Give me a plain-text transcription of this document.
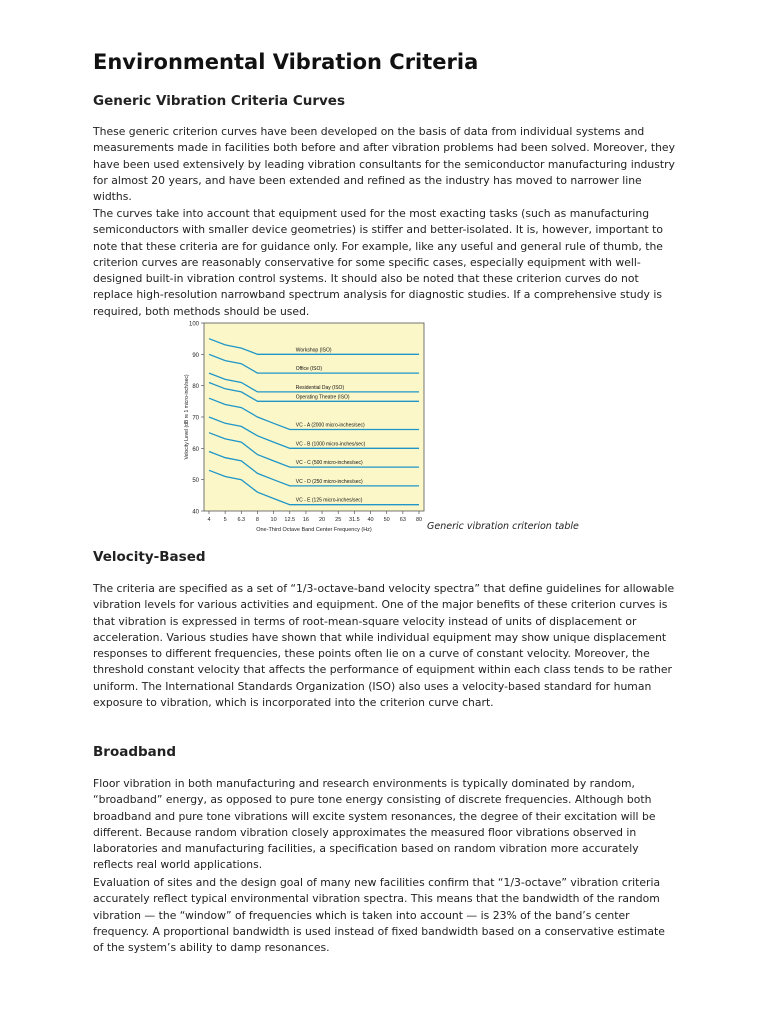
Environmental Vibration Criteria
Generic Vibration Criteria Curves

These generic criterion curves have been developed on the basis of data from individual systems and measurements made in facilities both before and after vibration problems had been solved. Moreover, they have been used extensively by leading vibration consultants for the semiconductor manufacturing industry for almost 20 years, and have been extended and refined as the industry has moved to narrower line widths.

The curves take into account that equipment used for the most exacting tasks (such as manufacturing semiconductors with smaller device geometries) is stiffer and better-isolated. It is, however, important to note that these criteria are for guidance only. For example, like any useful and general rule of thumb, the criterion curves are reasonably conservative for some specific cases, especially equipment with well-designed built-in vibration control systems. It should also be noted that these criterion curves do not replace high-resolution narrowband spectrum analysis for diagnostic studies. If a comprehensive study is required, both methods should be used.

40
50
60
70
80
90
100
4 5 6.3 8 10 12.5 16 20 25 31.5 40 50 63 80
One-Third Octave Band Center Frequency (Hz)
Velocity Level (dB re 1 micro-inch/sec)
Workshop (ISO)
Office (ISO)
Residential Day (ISO)
Operating Theatre (ISO)
VC - A (2000 micro-inches/sec)
VC - B (1000 micro-inches/sec)
VC - C (500 micro-inches/sec)
VC - D (250 micro-inches/sec)
VC - E (125 micro-inches/sec)
Generic vibration criterion table
Velocity-Based

The criteria are specified as a set of “1/3-octave-band velocity spectra” that define guidelines for allowable vibration levels for various activities and equipment. One of the major benefits of these criterion curves is that vibration is expressed in terms of root-mean-square velocity instead of units of displacement or acceleration. Various studies have shown that while individual equipment may show unique displacement responses to different frequencies, these points often lie on a curve of constant velocity. Moreover, the threshold constant velocity that affects the performance of equipment within each class tends to be rather uniform. The International Standards Organization (ISO) also uses a velocity-based standard for human exposure to vibration, which is incorporated into the criterion curve chart.

Broadband

Floor vibration in both manufacturing and research environments is typically dominated by random, “broadband” energy, as opposed to pure tone energy consisting of discrete frequencies. Although both broadband and pure tone vibrations will excite system resonances, the degree of their excitation will be different. Because random vibration closely approximates the measured floor vibrations observed in laboratories and manufacturing facilities, a specification based on random vibration more accurately reflects real world applications.

Evaluation of sites and the design goal of many new facilities confirm that “1/3-octave” vibration criteria accurately reflect typical environmental vibration spectra. This means that the bandwidth of the random vibration — the “window” of frequencies which is taken into account — is 23% of the band’s center frequency. A proportional bandwidth is used instead of fixed bandwidth based on a conservative estimate of the system’s ability to damp resonances.
